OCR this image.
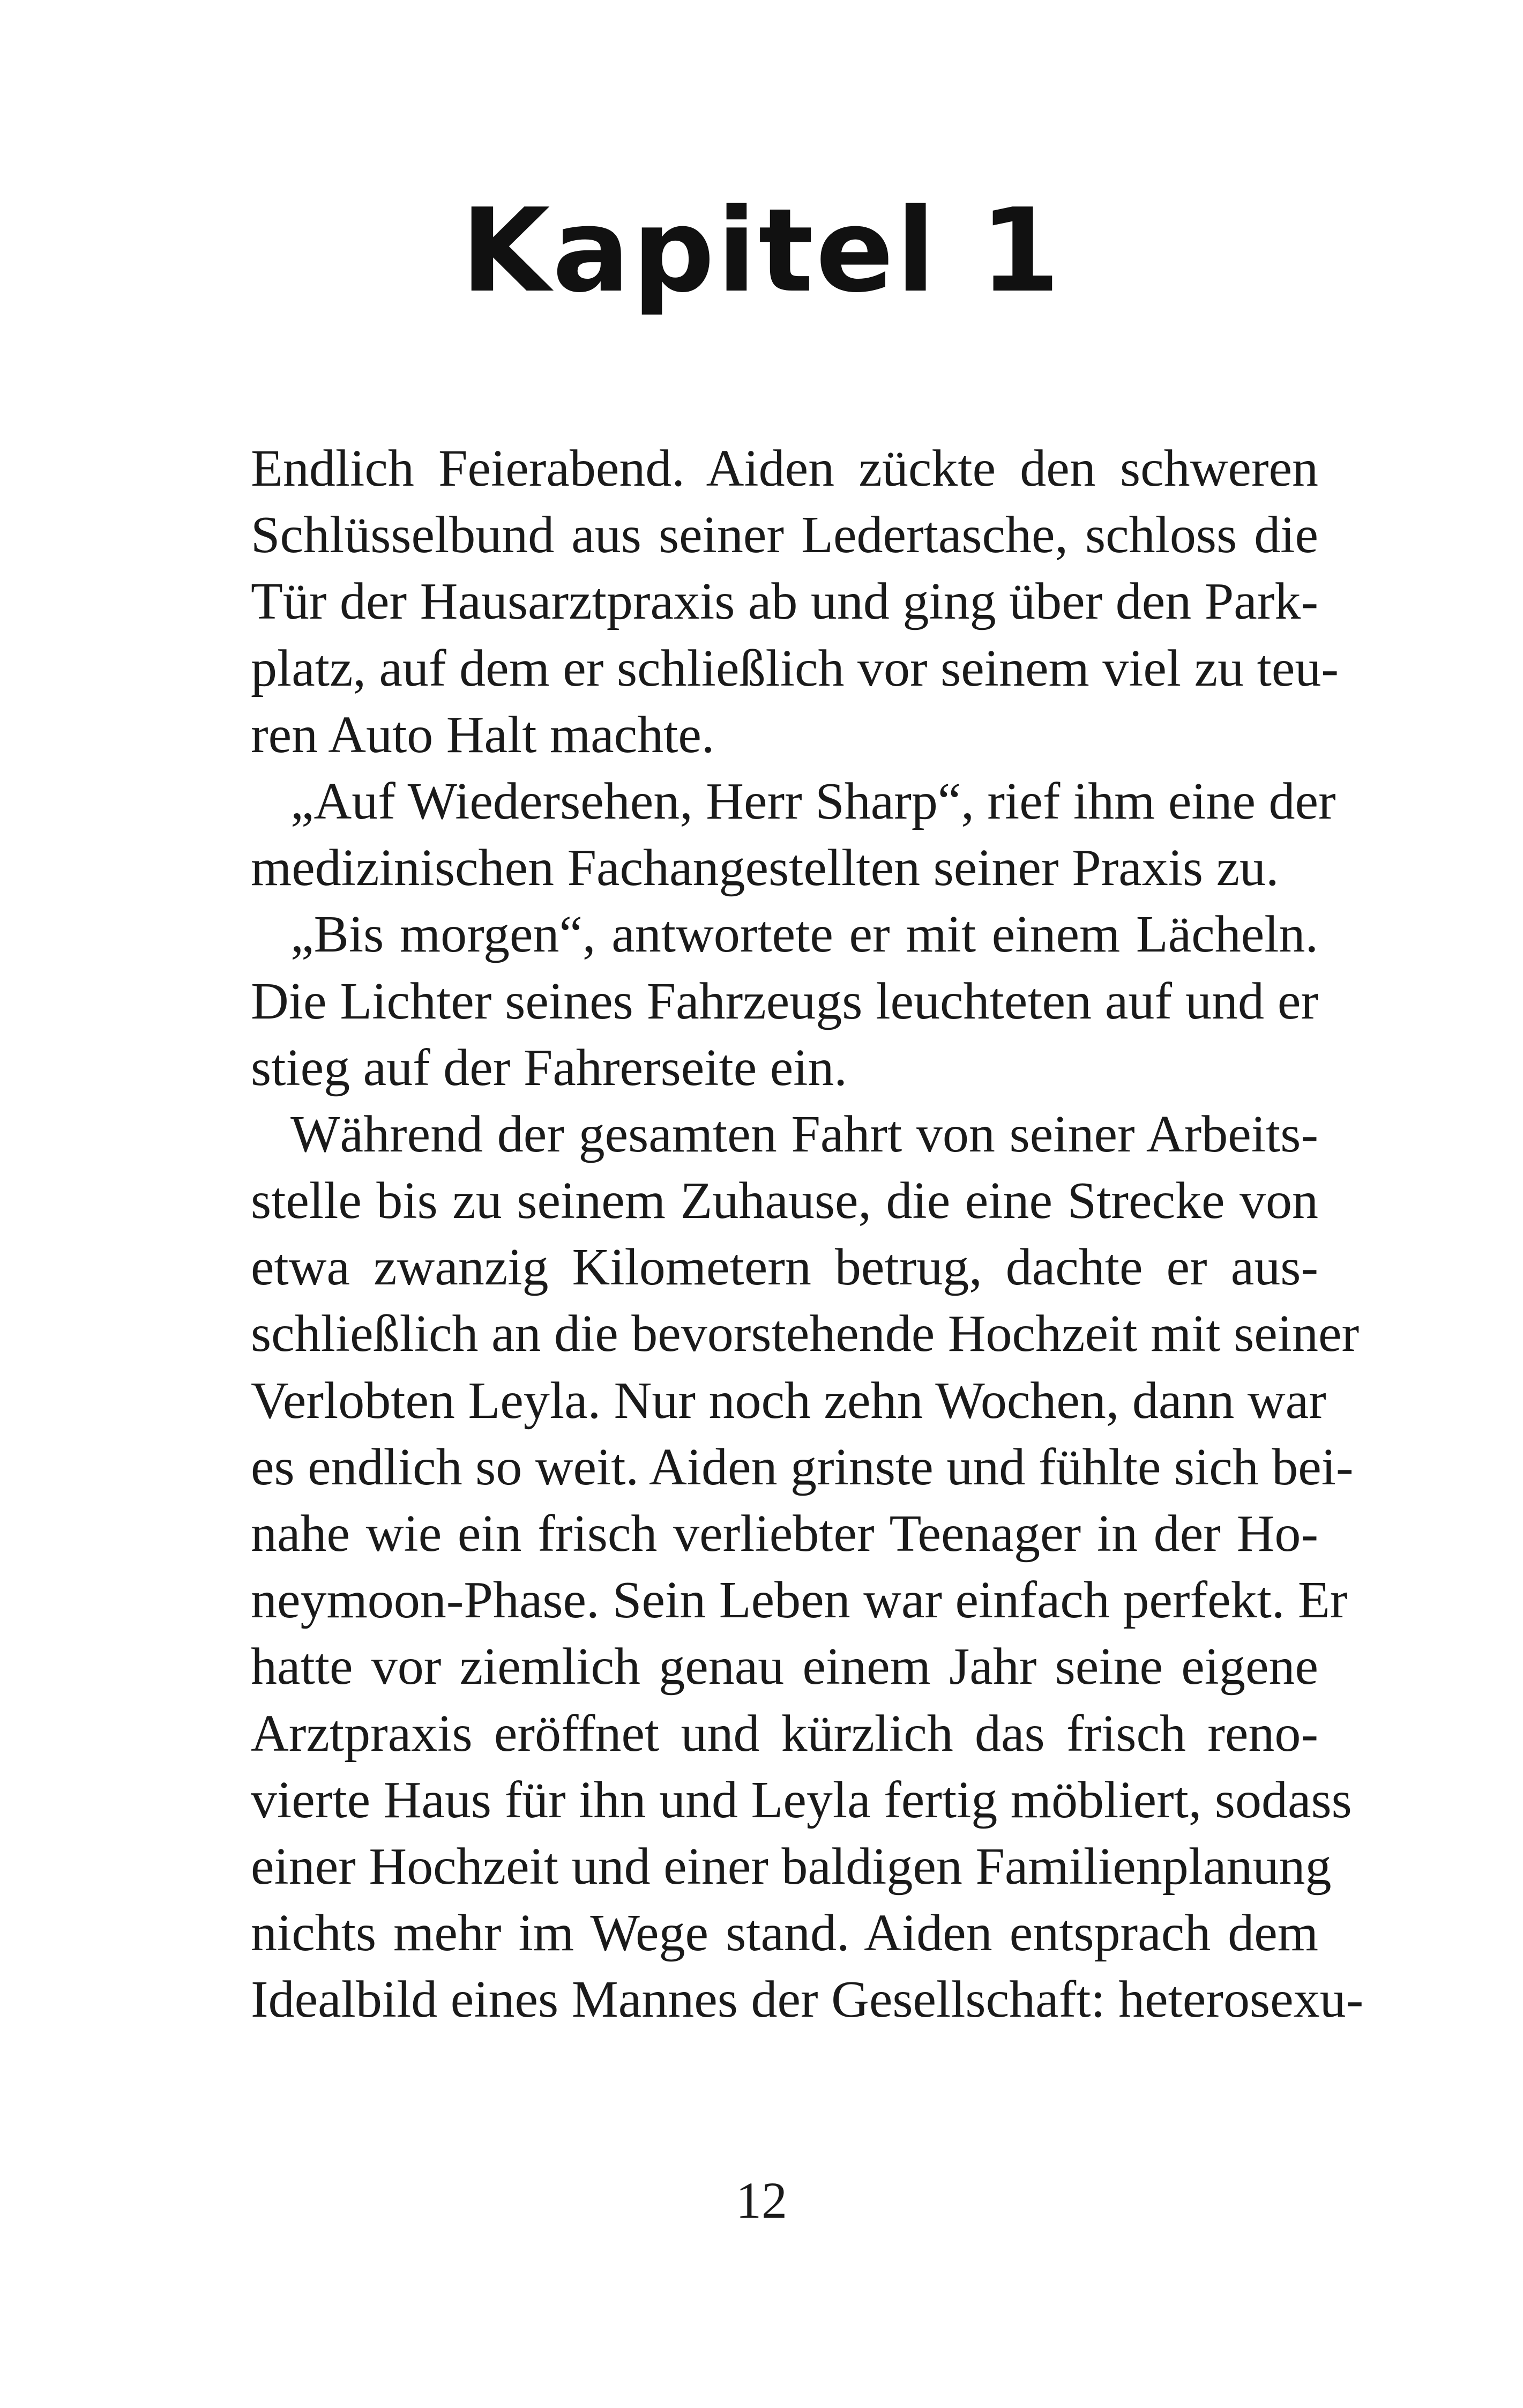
Kapitel 1
Endlich Feierabend. Aiden zückte den schweren
Schlüsselbund aus seiner Ledertasche, schloss die
Tür der Hausarztpraxis ab und ging über den Park-
platz, auf dem er schließlich vor seinem viel zu teu-
ren Auto Halt machte.
„Auf Wiedersehen, Herr Sharp“, rief ihm eine der
medizinischen Fachangestellten seiner Praxis zu.
„Bis morgen“, antwortete er mit einem Lächeln.
Die Lichter seines Fahrzeugs leuchteten auf und er
stieg auf der Fahrerseite ein.
Während der gesamten Fahrt von seiner Arbeits-
stelle bis zu seinem Zuhause, die eine Strecke von
etwa zwanzig Kilometern betrug, dachte er aus-
schließlich an die bevorstehende Hochzeit mit seiner
Verlobten Leyla. Nur noch zehn Wochen, dann war
es endlich so weit. Aiden grinste und fühlte sich bei-
nahe wie ein frisch verliebter Teenager in der Ho-
neymoon-Phase. Sein Leben war einfach perfekt. Er
hatte vor ziemlich genau einem Jahr seine eigene
Arztpraxis eröffnet und kürzlich das frisch reno-
vierte Haus für ihn und Leyla fertig möbliert, sodass
einer Hochzeit und einer baldigen Familienplanung
nichts mehr im Wege stand. Aiden entsprach dem
Idealbild eines Mannes der Gesellschaft: heterosexu-
12
